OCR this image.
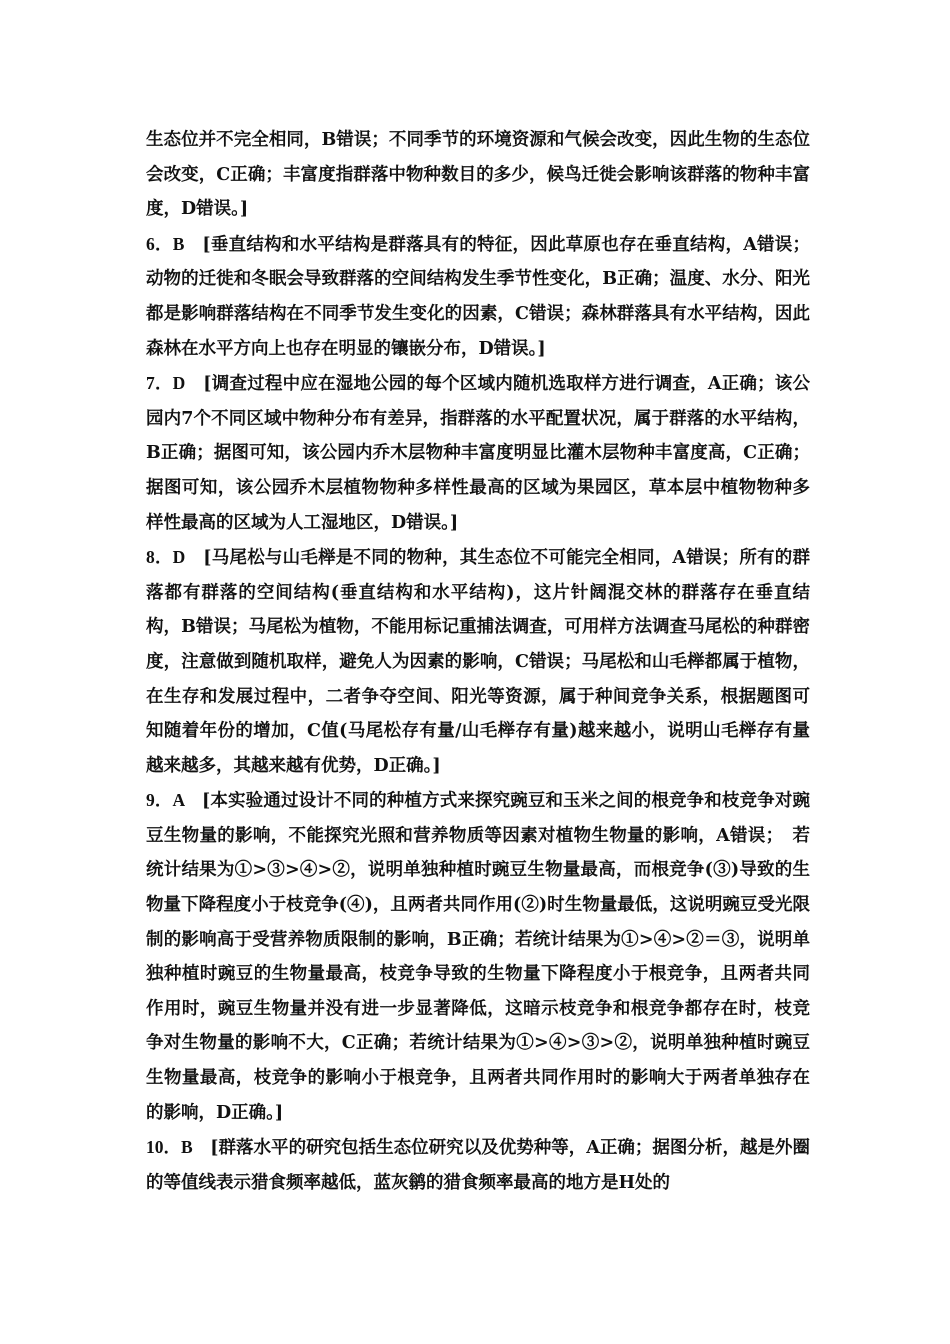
生态位并不完全相同，B错误；不同季节的环境资源和气候会改变，因此生物的生态位会改变，C正确；丰富度指群落中物种数目的多少，候鸟迁徙会影响该群落的物种丰富度，D错误。]

6．B　[垂直结构和水平结构是群落具有的特征，因此草原也存在垂直结构，A错误；动物的迁徙和冬眠会导致群落的空间结构发生季节性变化，B正确；温度、水分、阳光都是影响群落结构在不同季节发生变化的因素，C错误；森林群落具有水平结构，因此森林在水平方向上也存在明显的镶嵌分布，D错误。]

7．D　[调查过程中应在湿地公园的每个区域内随机选取样方进行调查，A正确；该公园内7个不同区域中物种分布有差异，指群落的水平配置状况，属于群落的水平结构，B正确；据图可知，该公园内乔木层物种丰富度明显比灌木层物种丰富度高，C正确；据图可知，该公园乔木层植物物种多样性最高的区域为果园区，草本层中植物物种多样性最高的区域为人工湿地区，D错误。]

8．D　[马尾松与山毛榉是不同的物种，其生态位不可能完全相同，A错误；所有的群落都有群落的空间结构(垂直结构和水平结构)，这片针阔混交林的群落存在垂直结构，B错误；马尾松为植物，不能用标记重捕法调查，可用样方法调查马尾松的种群密度，注意做到随机取样，避免人为因素的影响，C错误；马尾松和山毛榉都属于植物，在生存和发展过程中，二者争夺空间、阳光等资源，属于种间竞争关系，根据题图可知随着年份的增加，C值(马尾松存有量/山毛榉存有量)越来越小，说明山毛榉存有量越来越多，其越来越有优势，D正确。]

9．A　[本实验通过设计不同的种植方式来探究豌豆和玉米之间的根竞争和枝竞争对豌豆生物量的影响，不能探究光照和营养物质等因素对植物生物量的影响，A错误；　若统计结果为①>③>④>②，说明单独种植时豌豆生物量最高，而根竞争(③)导致的生物量下降程度小于枝竞争(④)，且两者共同作用(②)时生物量最低，这说明豌豆受光限制的影响高于受营养物质限制的影响，B正确；若统计结果为①>④>②＝③，说明单独种植时豌豆的生物量最高，枝竞争导致的生物量下降程度小于根竞争，且两者共同作用时，豌豆生物量并没有进一步显著降低，这暗示枝竞争和根竞争都存在时，枝竞争对生物量的影响不大，C正确；若统计结果为①>④>③>②，说明单独种植时豌豆生物量最高，枝竞争的影响小于根竞争，且两者共同作用时的影响大于两者单独存在的影响，D正确。]

10．B　[群落水平的研究包括生态位研究以及优势种等，A正确；据图分析，越是外圈的等值线表示猎食频率越低，蓝灰鹟的猎食频率最高的地方是H处的
